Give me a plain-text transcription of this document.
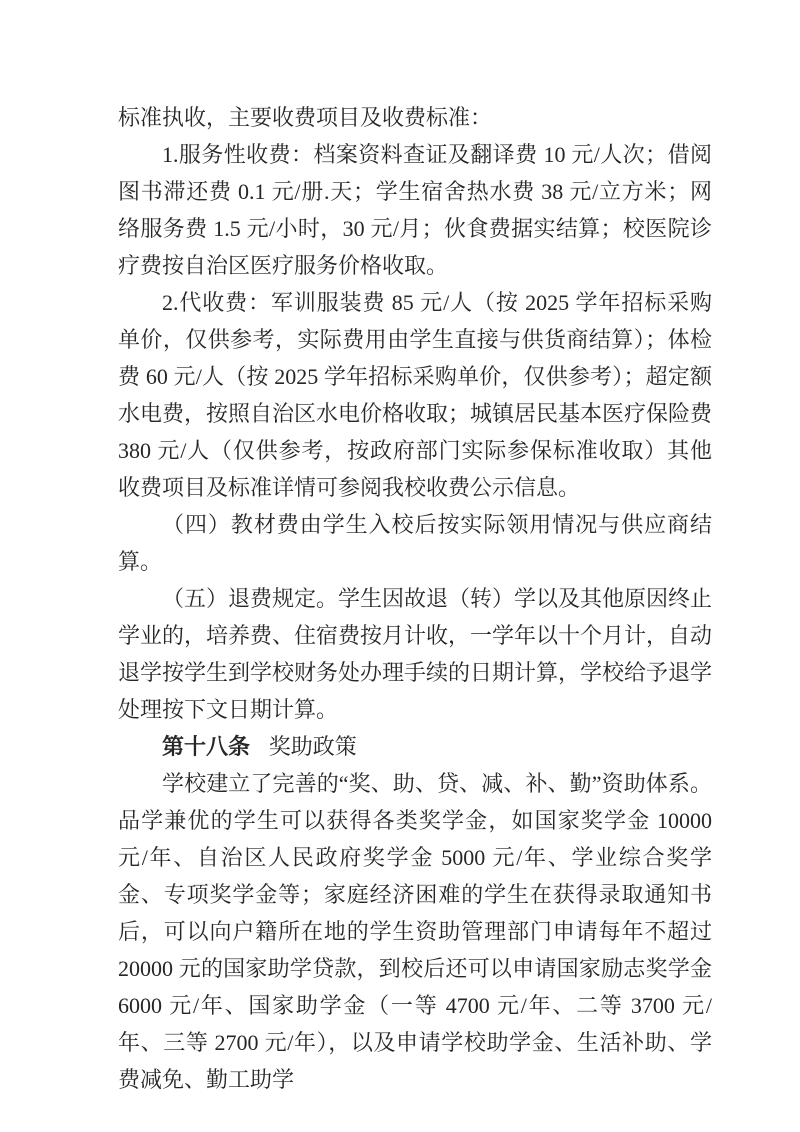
标准执收，主要收费项目及收费标准：

1.服务性收费：档案资料查证及翻译费 10 元/人次；借阅图书滞还费 0.1 元/册.天；学生宿舍热水费 38 元/立方米；网络服务费 1.5 元/小时，30 元/月；伙食费据实结算；校医院诊疗费按自治区医疗服务价格收取。

2.代收费：军训服装费 85 元/人（按 2025 学年招标采购单价，仅供参考，实际费用由学生直接与供货商结算）；体检费 60 元/人（按 2025 学年招标采购单价，仅供参考）；超定额水电费，按照自治区水电价格收取；城镇居民基本医疗保险费 380 元/人（仅供参考，按政府部门实际参保标准收取）其他收费项目及标准详情可参阅我校收费公示信息。

（四）教材费由学生入校后按实际领用情况与供应商结算。

（五）退费规定。学生因故退（转）学以及其他原因终止学业的，培养费、住宿费按月计收，一学年以十个月计，自动退学按学生到学校财务处办理手续的日期计算，学校给予退学处理按下文日期计算。

第十八条 奖助政策

学校建立了完善的“奖、助、贷、减、补、勤”资助体系。品学兼优的学生可以获得各类奖学金，如国家奖学金 10000 元/年、自治区人民政府奖学金 5000 元/年、学业综合奖学金、专项奖学金等；家庭经济困难的学生在获得录取通知书后，可以向户籍所在地的学生资助管理部门申请每年不超过 20000 元的国家助学贷款，到校后还可以申请国家励志奖学金 6000 元/年、国家助学金（一等 4700 元/年、二等 3700 元/年、三等 2700 元/年），以及申请学校助学金、生活补助、学费减免、勤工助学
